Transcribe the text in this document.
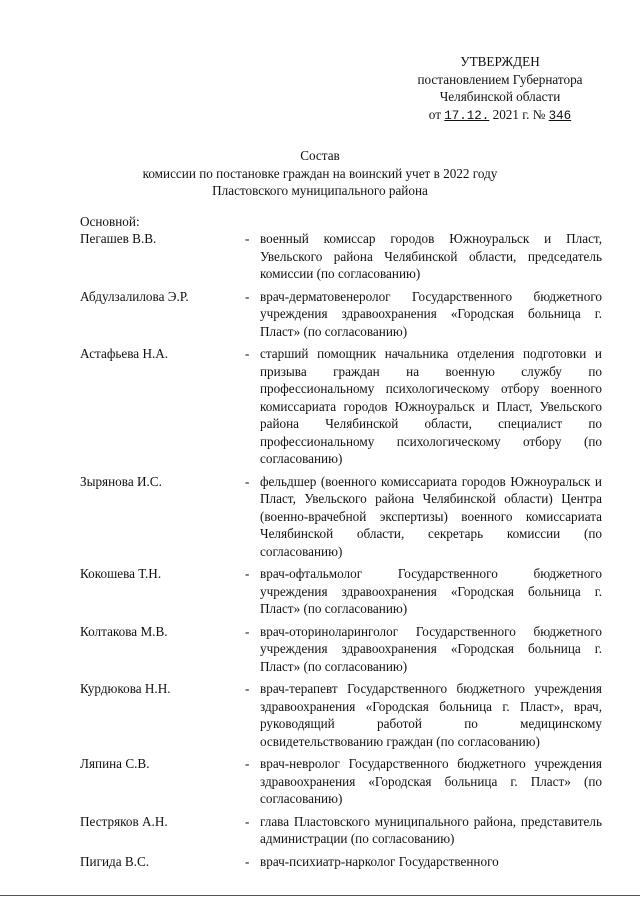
УТВЕРЖДЕН
постановлением Губернатора
Челябинской области
от 17.12. 2021 г. № 346
Состав
комиссии по постановке граждан на воинский учет в 2022 году
Пластовского муниципального района
Основной:
Пегашев В.В.	- военный комиссар городов Южноуральск и Пласт, Увельского района Челябинской области, председатель комиссии (по согласованию)
Абдулзалилова Э.Р.	- врач-дерматовенеролог Государственного бюджетного учреждения здравоохранения «Городская больница г. Пласт» (по согласованию)
Астафьева Н.А.	- старший помощник начальника отделения подготовки и призыва граждан на военную службу по профессиональному психологическому отбору военного комиссариата городов Южноуральск и Пласт, Увельского района Челябинской области, специалист по профессиональному психологическому отбору (по согласованию)
Зырянова И.С.	- фельдшер (военного комиссариата городов Южноуральск и Пласт, Увельского района Челябинской области) Центра (военно-врачебной экспертизы) военного комиссариата Челябинской области, секретарь комиссии (по согласованию)
Кокошева Т.Н.	- врач-офтальмолог Государственного бюджетного учреждения здравоохранения «Городская больница г. Пласт» (по согласованию)
Колтакова М.В.	- врач-оториноларинголог Государственного бюджетного учреждения здравоохранения «Городская больница г. Пласт» (по согласованию)
Курдюкова Н.Н.	- врач-терапевт Государственного бюджетного учреждения здравоохранения «Городская больница г. Пласт», врач, руководящий работой по медицинскому освидетельствованию граждан (по согласованию)
Ляпина С.В.	- врач-невролог Государственного бюджетного учреждения здравоохранения «Городская больница г. Пласт» (по согласованию)
Пестряков А.Н.	- глава Пластовского муниципального района, представитель администрации (по согласованию)
Пигида В.С.	- врач-психиатр-нарколог Государственного
